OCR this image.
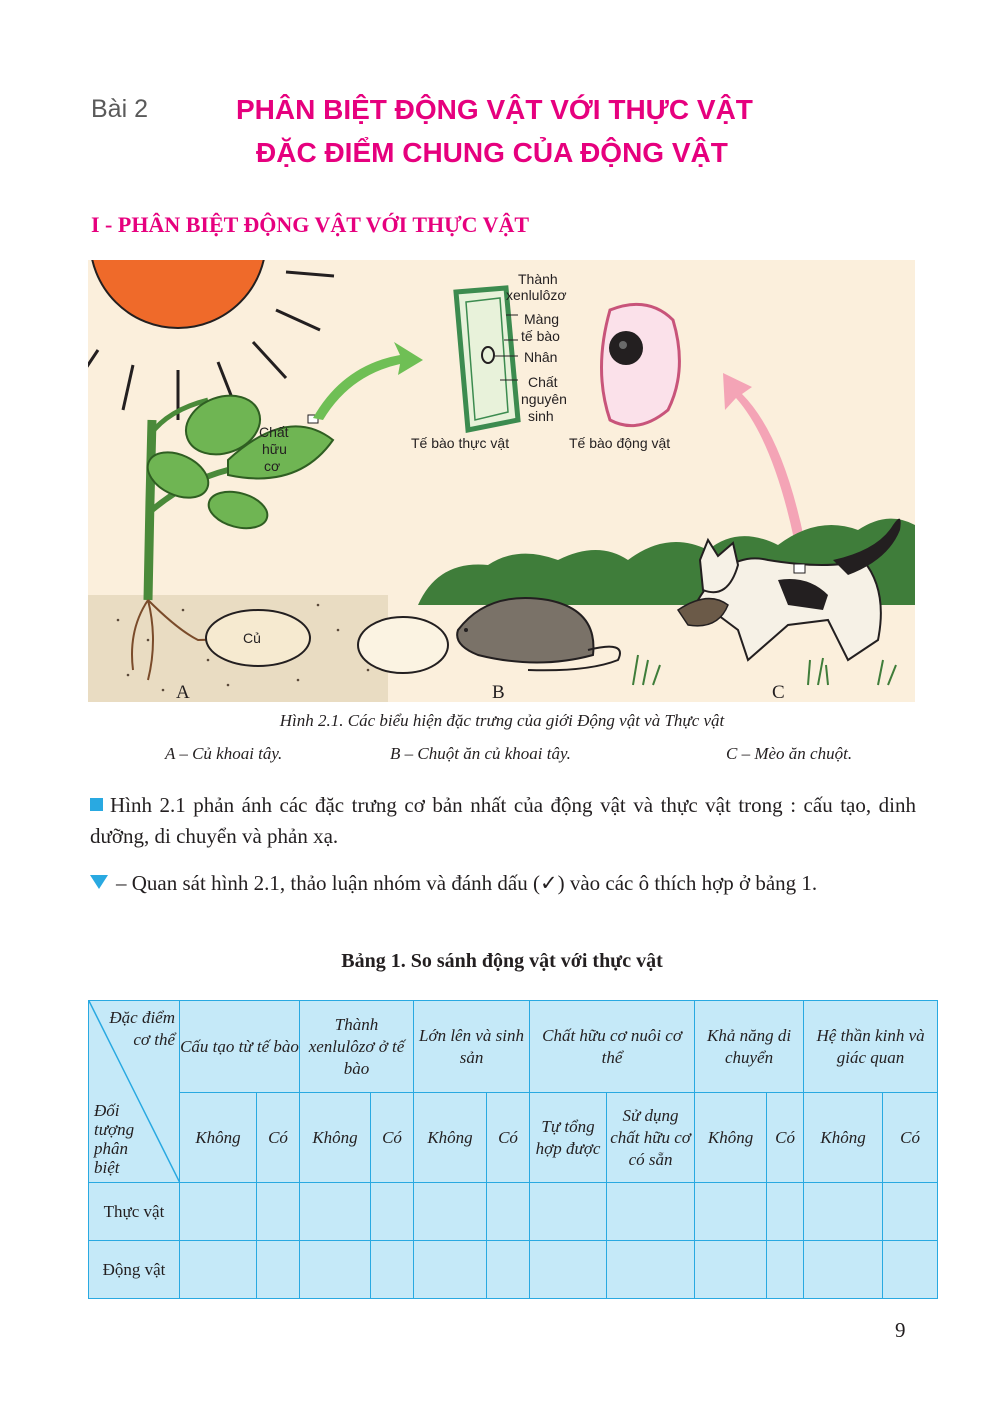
Bài 2	PHÂN BIỆT ĐỘNG VẬT VỚI THỰC VẬT
ĐẶC ĐIỂM CHUNG CỦA ĐỘNG VẬT
I - PHÂN BIỆT ĐỘNG VẬT VỚI THỰC VẬT
Chất
hữu
cơ
Củ
Thành
xenlulôzơ
Màng
tế bào
Nhân
Chất
nguyên
sinh
Tế bào thực vật	Tế bào động vật
A	B	C
Hình 2.1. Các biểu hiện đặc trưng của giới Động vật và Thực vật
A – Củ khoai tây.	B – Chuột ăn củ khoai tây.	C – Mèo ăn chuột.
Hình 2.1 phản ánh các đặc trưng cơ bản nhất của động vật và thực vật trong : cấu tạo, dinh dưỡng, di chuyển và phản xạ.
– Quan sát hình 2.1, thảo luận nhóm và đánh dấu (✓) vào các ô thích hợp ở bảng 1.
Bảng 1. So sánh động vật với thực vật
Đặc điểm cơ thể
Đối tượng phân biệt	Cấu tạo từ tế bào		Thành xenlulôzơ ở tế bào		Lớn lên và sinh sản		Chất hữu cơ nuôi cơ thể		Khả năng di chuyển		Hệ thần kinh và giác quan	
	Không	Có	Không	Có	Không	Có	Tự tổng hợp được	Sử dụng chất hữu cơ có sẵn	Không	Có	Không	Có
Thực vật												
Động vật												
9
